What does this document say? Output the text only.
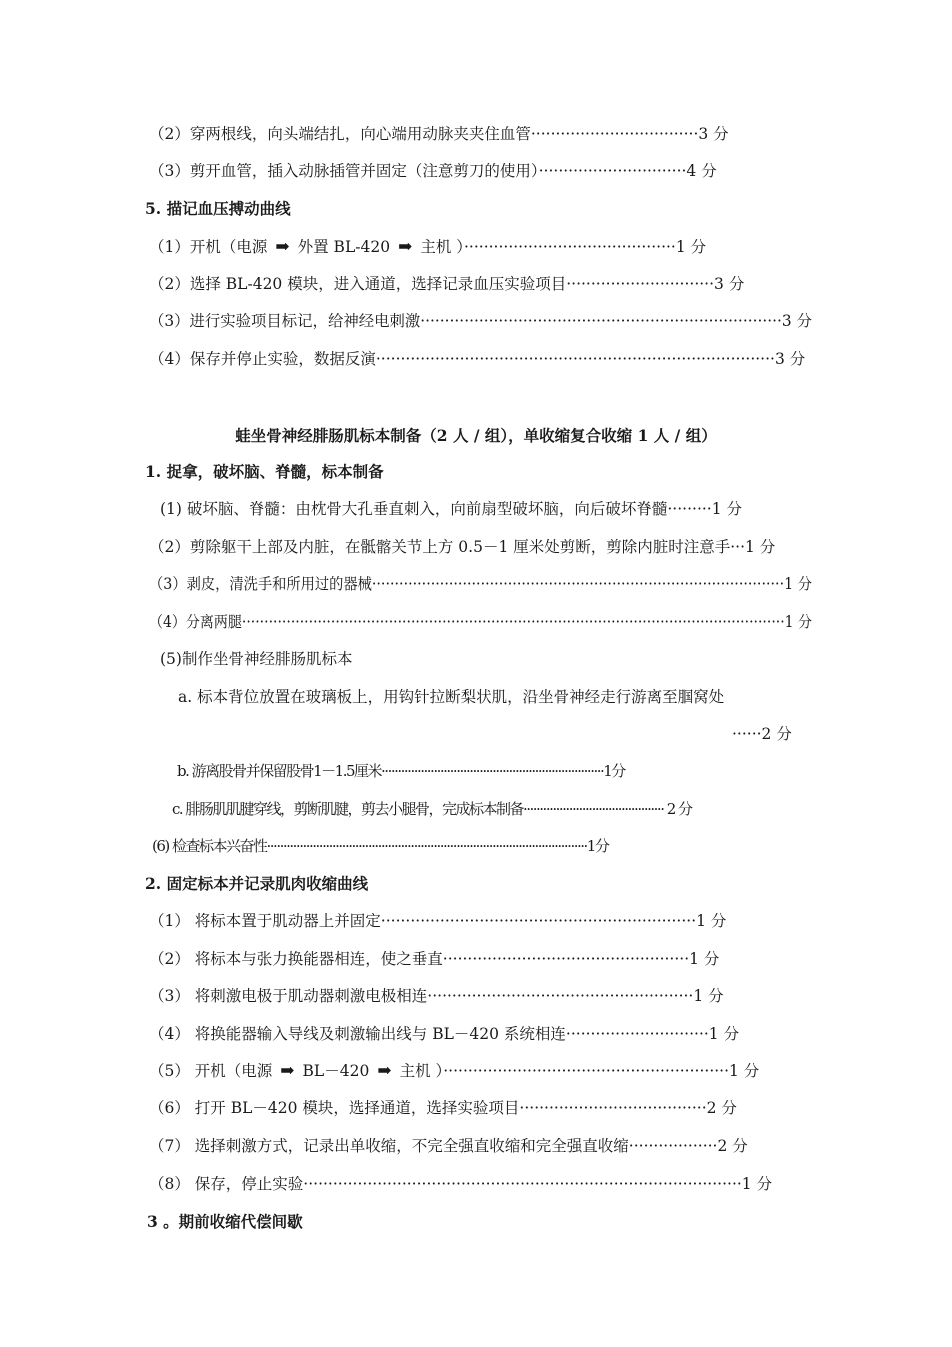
（2）穿两根线，向头端结扎，向心端用动脉夹夹住血管··································3 分
（3）剪开血管，插入动脉插管并固定（注意剪刀的使用）······························4 分
5. 描记血压搏动曲线
（1）开机（电源 ➡ 外置 BL-420 ➡ 主机 ）···········································1 分
（2）选择 BL-420 模块，进入通道，选择记录血压实验项目······························3 分
（3）进行实验项目标记，给神经电刺激··········································································3 分
（4）保存并停止实验，数据反演·················································································3 分
蛙坐骨神经腓肠肌标本制备（2 人 / 组），单收缩复合收缩 1 人 / 组）
1. 捉拿，破坏脑、脊髓，标本制备
(1) 破坏脑、脊髓：由枕骨大孔垂直刺入，向前扇型破坏脑，向后破坏脊髓·········1 分
（2）剪除躯干上部及内脏，在骶髂关节上方 0.5－1 厘米处剪断，剪除内脏时注意手···1 分
（3）剥皮，清洗手和所用过的器械···························································································1 分
（4）分离两腿··························································································································1 分
(5)制作坐骨神经腓肠肌标本
a. 标本背位放置在玻璃板上，用钩针拉断梨状肌，沿坐骨神经走行游离至腘窝处
······2 分
b. 游离股骨并保留股骨1－1.5厘米····································································1分
c. 腓肠肌肌腱穿线，剪断肌腱，剪去小腿骨，完成标本制备··········································· 2 分
(6) 检查标本兴奋性··································································································1分
2. 固定标本并记录肌肉收缩曲线
（1） 将标本置于肌动器上并固定································································1 分
（2） 将标本与张力换能器相连，使之垂直··················································1 分
（3） 将刺激电极于肌动器刺激电极相连······················································1 分
（4） 将换能器输入导线及刺激输出线与 BL－420 系统相连·····························1 分
（5） 开机（电源 ➡ BL－420 ➡ 主机 ）··························································1 分
（6） 打开 BL－420 模块，选择通道，选择实验项目······································2 分
（7） 选择刺激方式，记录出单收缩，不完全强直收缩和完全强直收缩··················2 分
（8） 保存，停止实验·························································································1 分
3 。期前收缩代偿间歇
